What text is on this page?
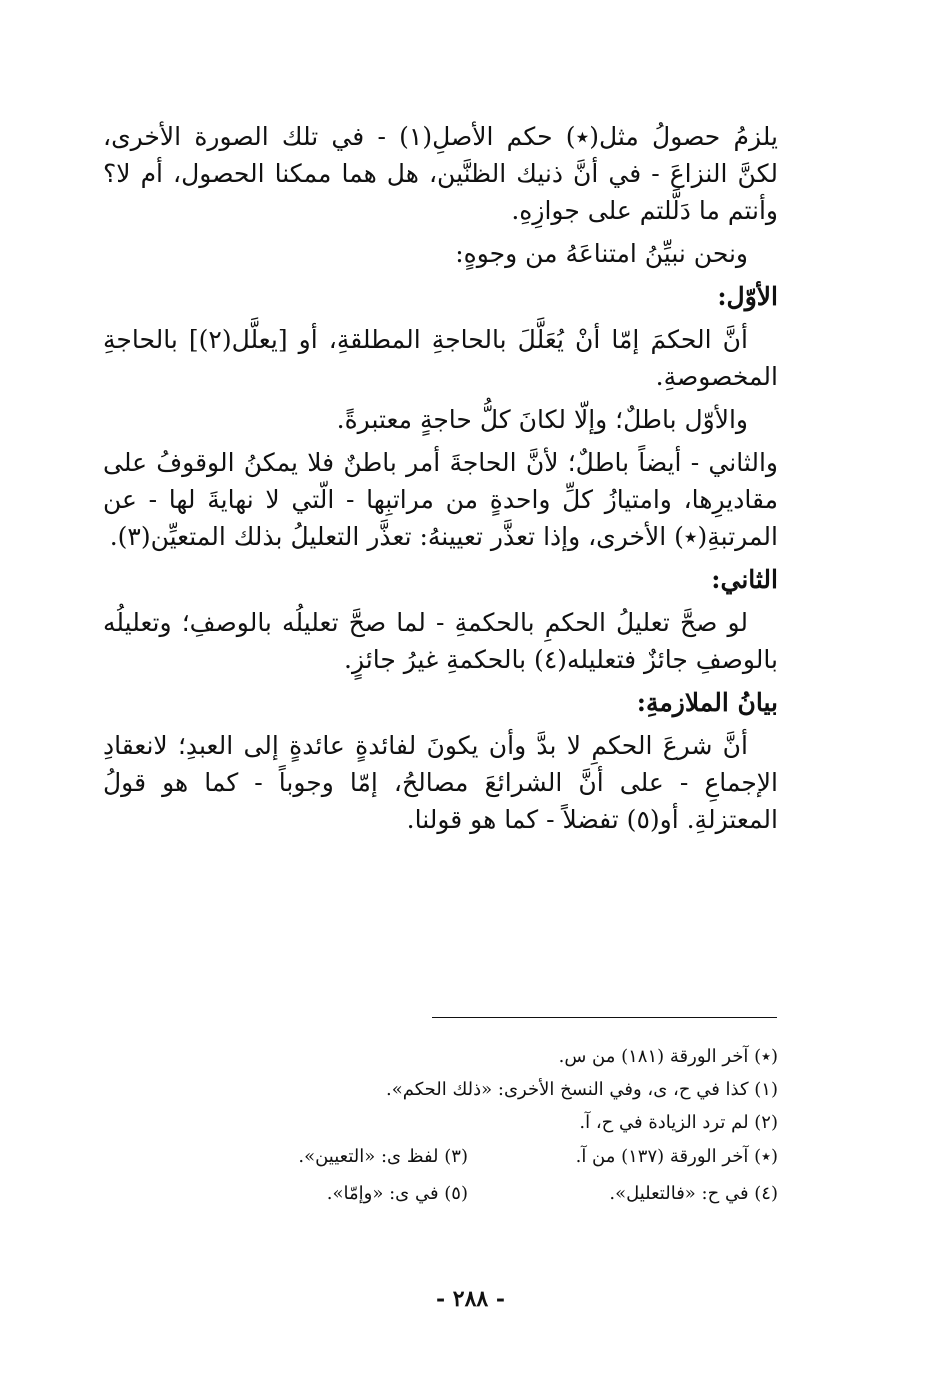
يلزمُ حصولُ مثل(٭) حكم الأصلِ(١) - في تلك الصورة الأخرى، لكنَّ النزاعَ - في أنَّ ذنيك الظنَّين، هل هما ممكنا الحصول، أم لا؟ وأنتم ما دَلَّلتم على جوازِهِ.

ونحن نبيِّنُ امتناعَهُ من وجوهٍ:

الأوّل:

أنَّ الحكمَ إمّا أنْ يُعَلَّلَ بالحاجةِ المطلقةِ، أو [يعلَّل(٢)] بالحاجةِ المخصوصةِ.

والأوّل باطلٌ؛ وإلّا لكانَ كلُّ حاجةٍ معتبرةً.

والثاني - أيضاً باطلٌ؛ لأنَّ الحاجةَ أمر باطنٌ فلا يمكنُ الوقوفُ على مقاديرِها، وامتيازُ كلِّ واحدةٍ من مراتبِها - الّتي لا نهايةَ لها - عن المرتبةِ(٭) الأخرى، وإذا تعذَّر تعيينهُ: تعذَّر التعليلُ بذلك المتعيِّن(٣).

الثاني:

لو صحَّ تعليلُ الحكمِ بالحكمةِ - لما صحَّ تعليلُه بالوصفِ؛ وتعليلُه بالوصفِ جائزٌ فتعليله(٤) بالحكمةِ غيرُ جائزٍ.

بيانُ الملازمةِ:

أنَّ شرعَ الحكمِ لا بدَّ وأن يكونَ لفائدةٍ عائدةٍ إلى العبدِ؛ لانعقادِ الإجماعِ - على أنَّ الشرائعَ مصالحُ، إمّا وجوباً - كما هو قولُ المعتزلةِ. أو(٥) تفضلاً - كما هو قولنا.

(٭) آخر الورقة (١٨١) من س.
(١) كذا في ح، ى، وفي النسخ الأخرى: «ذلك الحكم».
(٢) لم ترد الزيادة في ح، آ.
(٭) آخر الورقة (١٣٧) من آ.
(٣) لفظ ى: «التعيين».
(٤) في ح: «فالتعليل».
(٥) في ى: «وإمّا».
- ٢٨٨ -
